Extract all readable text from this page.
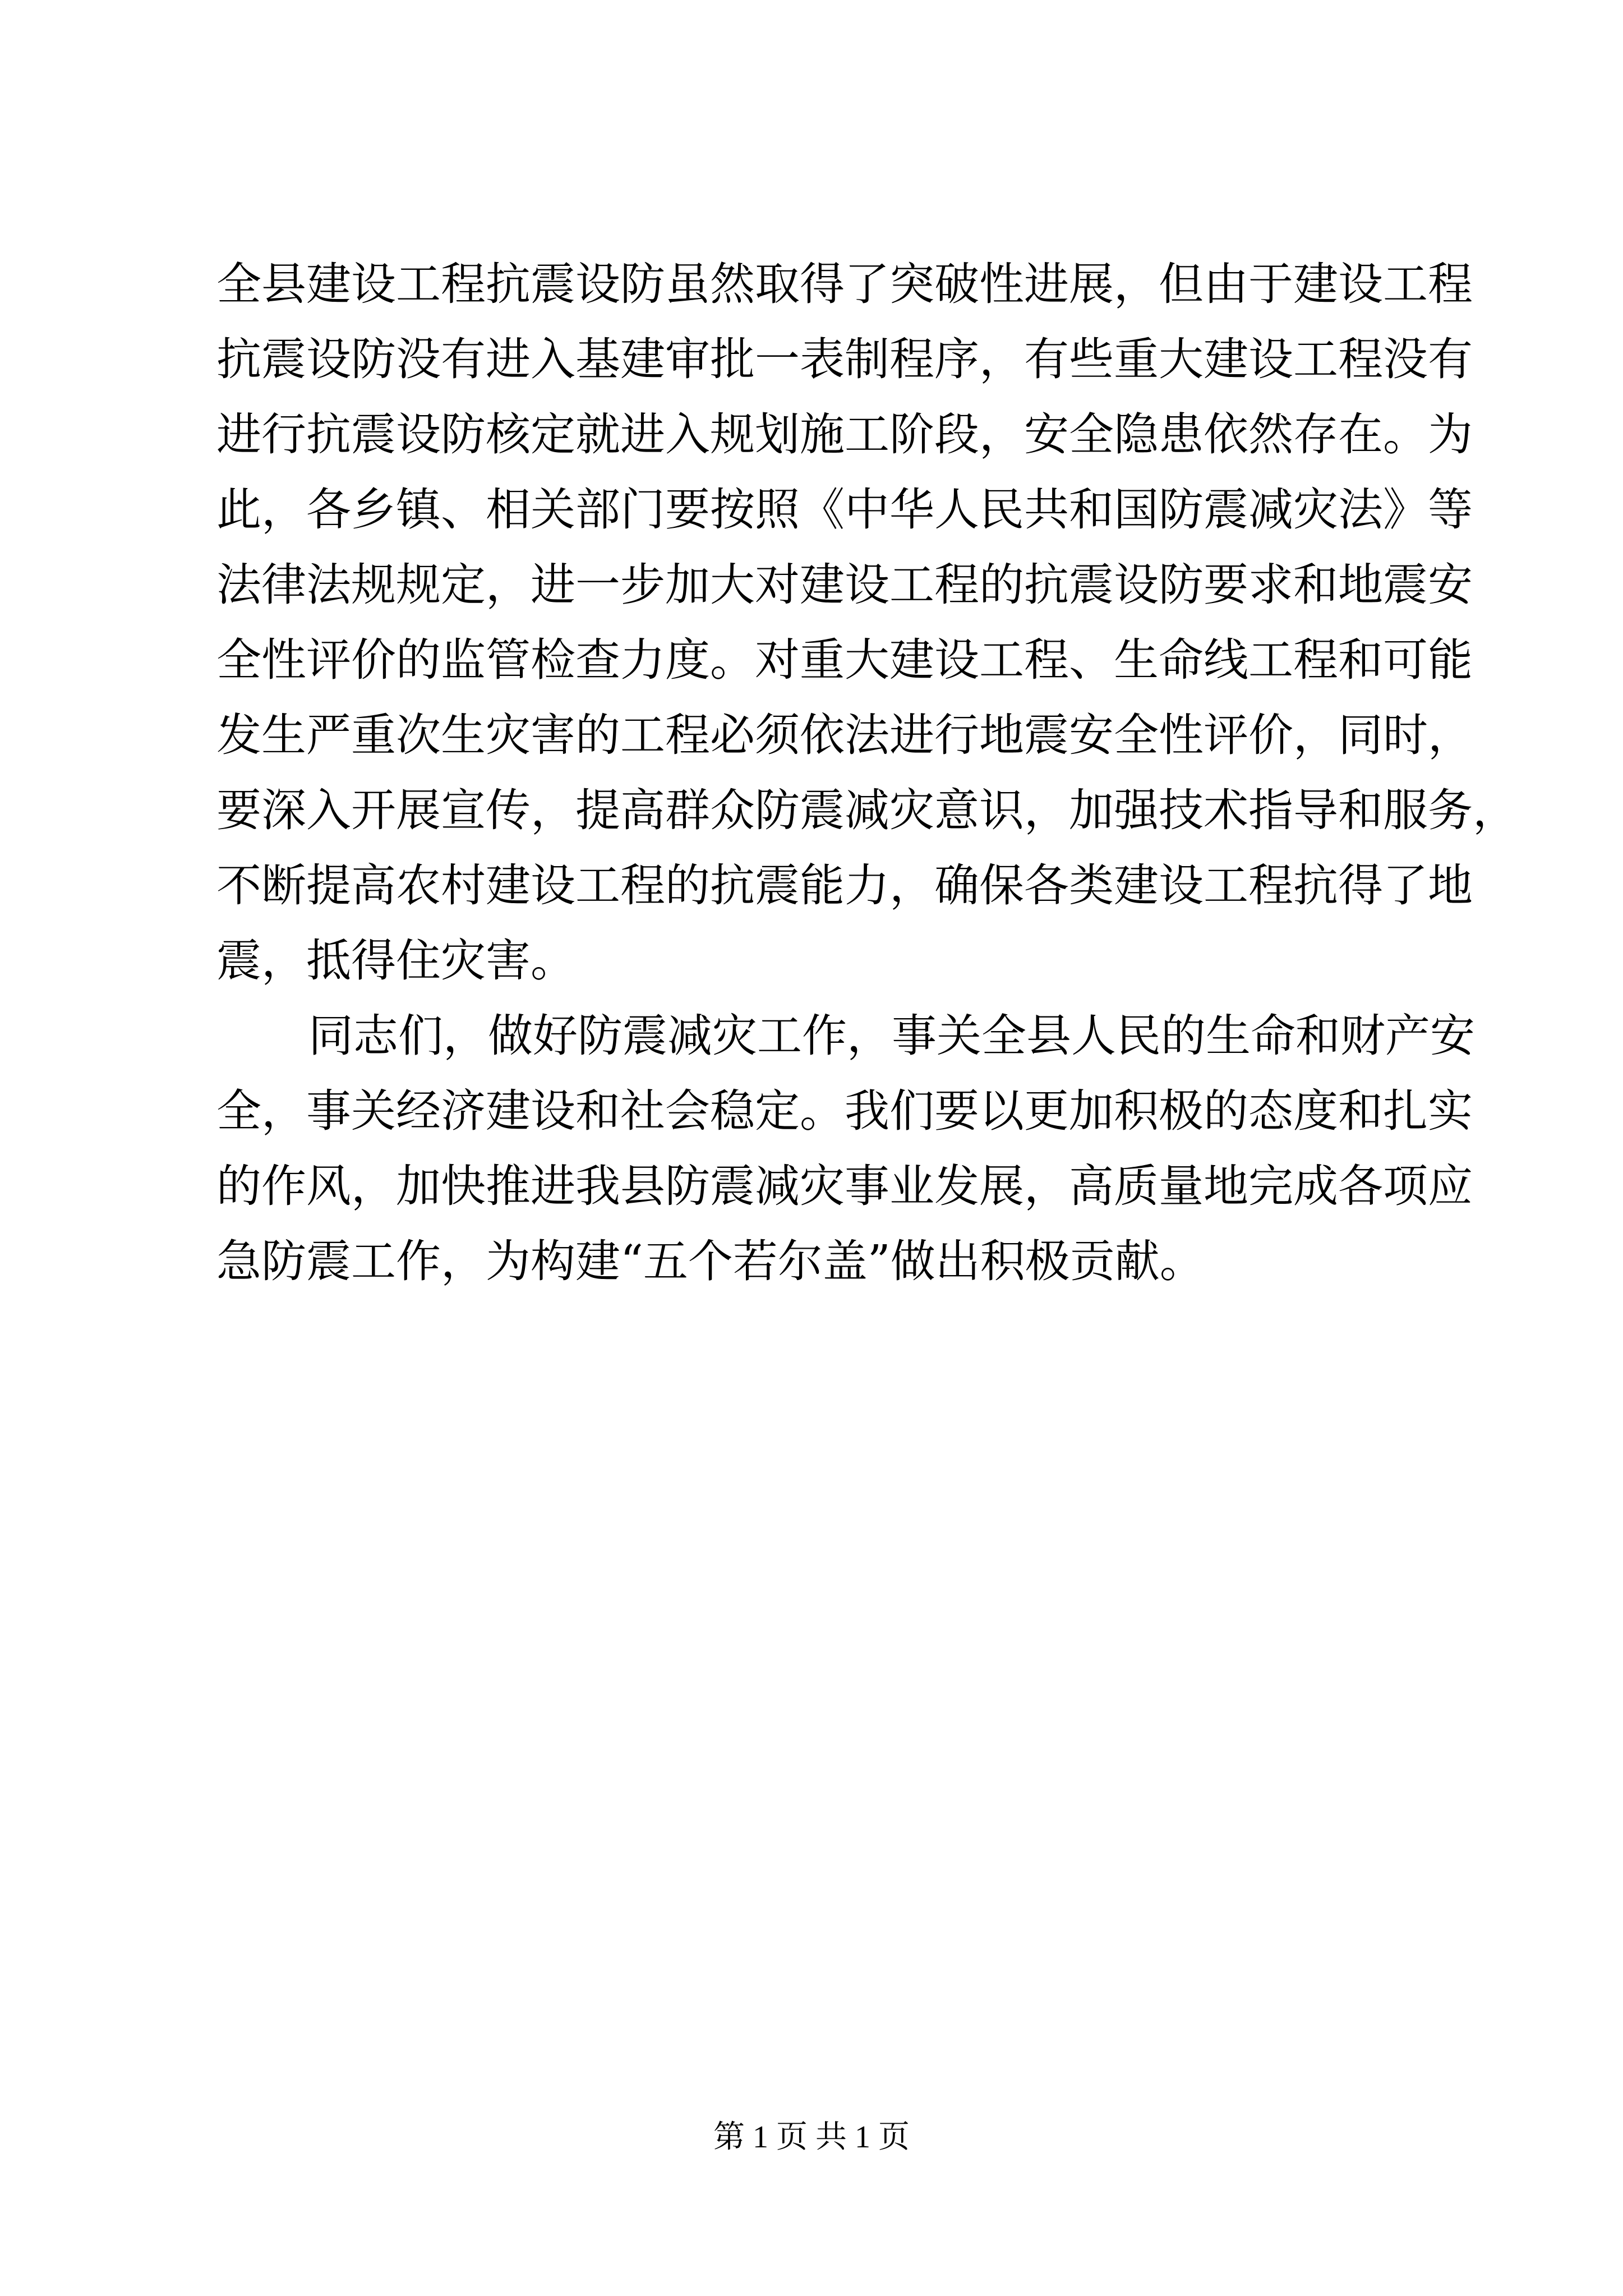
全县建设工程抗震设防虽然取得了突破性进展，但由于建设工程
抗震设防没有进入基建审批一表制程序，有些重大建设工程没有
进行抗震设防核定就进入规划施工阶段，安全隐患依然存在。为
此，各乡镇、相关部门要按照《中华人民共和国防震减灾法》等
法律法规规定，进一步加大对建设工程的抗震设防要求和地震安
全性评价的监管检查力度。对重大建设工程、生命线工程和可能
发生严重次生灾害的工程必须依法进行地震安全性评价，同时，
要深入开展宣传，提高群众防震减灾意识，加强技术指导和服务，
不断提高农村建设工程的抗震能力，确保各类建设工程抗得了地
震，抵得住灾害。
同志们，做好防震减灾工作，事关全县人民的生命和财产安
全，事关经济建设和社会稳定。我们要以更加积极的态度和扎实
的作风，加快推进我县防震减灾事业发展，高质量地完成各项应
急防震工作，为构建“五个若尔盖”做出积极贡献。
第 1 页 共 1 页
